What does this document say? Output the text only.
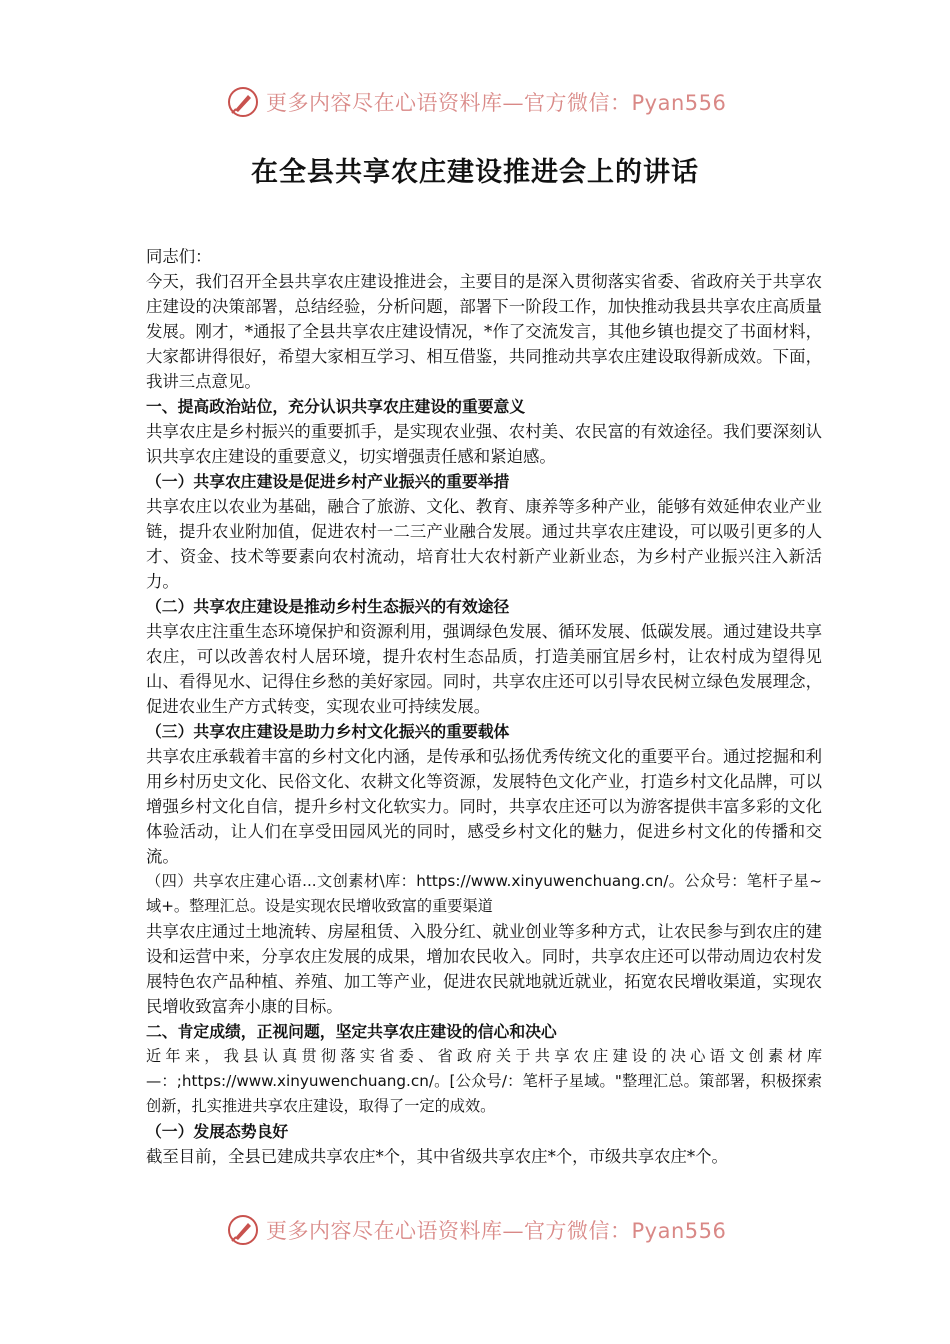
更多内容尽在心语资料库—官方微信：Pyan556
在全县共享农庄建设推进会上的讲话

同志们：

今天，我们召开全县共享农庄建设推进会，主要目的是深入贯彻落实省委、省政府关于共享农庄建设的决策部署，总结经验，分析问题，部署下一阶段工作，加快推动我县共享农庄高质量发展。刚才，*通报了全县共享农庄建设情况，*作了交流发言，其他乡镇也提交了书面材料，大家都讲得很好，希望大家相互学习、相互借鉴，共同推动共享农庄建设取得新成效。下面，我讲三点意见。

一、提高政治站位，充分认识共享农庄建设的重要意义

共享农庄是乡村振兴的重要抓手，是实现农业强、农村美、农民富的有效途径。我们要深刻认识共享农庄建设的重要意义，切实增强责任感和紧迫感。

（一）共享农庄建设是促进乡村产业振兴的重要举措

共享农庄以农业为基础，融合了旅游、文化、教育、康养等多种产业，能够有效延伸农业产业链，提升农业附加值，促进农村一二三产业融合发展。通过共享农庄建设，可以吸引更多的人才、资金、技术等要素向农村流动，培育壮大农村新产业新业态，为乡村产业振兴注入新活力。

（二）共享农庄建设是推动乡村生态振兴的有效途径

共享农庄注重生态环境保护和资源利用，强调绿色发展、循环发展、低碳发展。通过建设共享农庄，可以改善农村人居环境，提升农村生态品质，打造美丽宜居乡村，让农村成为望得见山、看得见水、记得住乡愁的美好家园。同时，共享农庄还可以引导农民树立绿色发展理念，促进农业生产方式转变，实现农业可持续发展。

（三）共享农庄建设是助力乡村文化振兴的重要载体

共享农庄承载着丰富的乡村文化内涵，是传承和弘扬优秀传统文化的重要平台。通过挖掘和利用乡村历史文化、民俗文化、农耕文化等资源，发展特色文化产业，打造乡村文化品牌，可以增强乡村文化自信，提升乡村文化软实力。同时，共享农庄还可以为游客提供丰富多彩的文化体验活动，让人们在享受田园风光的同时，感受乡村文化的魅力，促进乡村文化的传播和交流。

（四）共享农庄建心语...文创素材\库：https://www.xinyuwenchuang.cn/。公众号：笔杆子星~域+。整理汇总。设是实现农民增收致富的重要渠道

共享农庄通过土地流转、房屋租赁、入股分红、就业创业等多种方式，让农民参与到农庄的建设和运营中来，分享农庄发展的成果，增加农民收入。同时，共享农庄还可以带动周边农村发展特色农产品种植、养殖、加工等产业，促进农民就地就近就业，拓宽农民增收渠道，实现农民增收致富奔小康的目标。

二、肯定成绩，正视问题，坚定共享农庄建设的信心和决心

近年来，我县认真贯彻落实省委、省政府关于共享农庄建设的决心语文创素材库—：;https://www.xinyuwenchuang.cn/。[公众号/：笔杆子星域。"整理汇总。策部署，积极探索创新，扎实推进共享农庄建设，取得了一定的成效。

（一）发展态势良好

截至目前，全县已建成共享农庄*个，其中省级共享农庄*个，市级共享农庄*个。

更多内容尽在心语资料库—官方微信：Pyan556
